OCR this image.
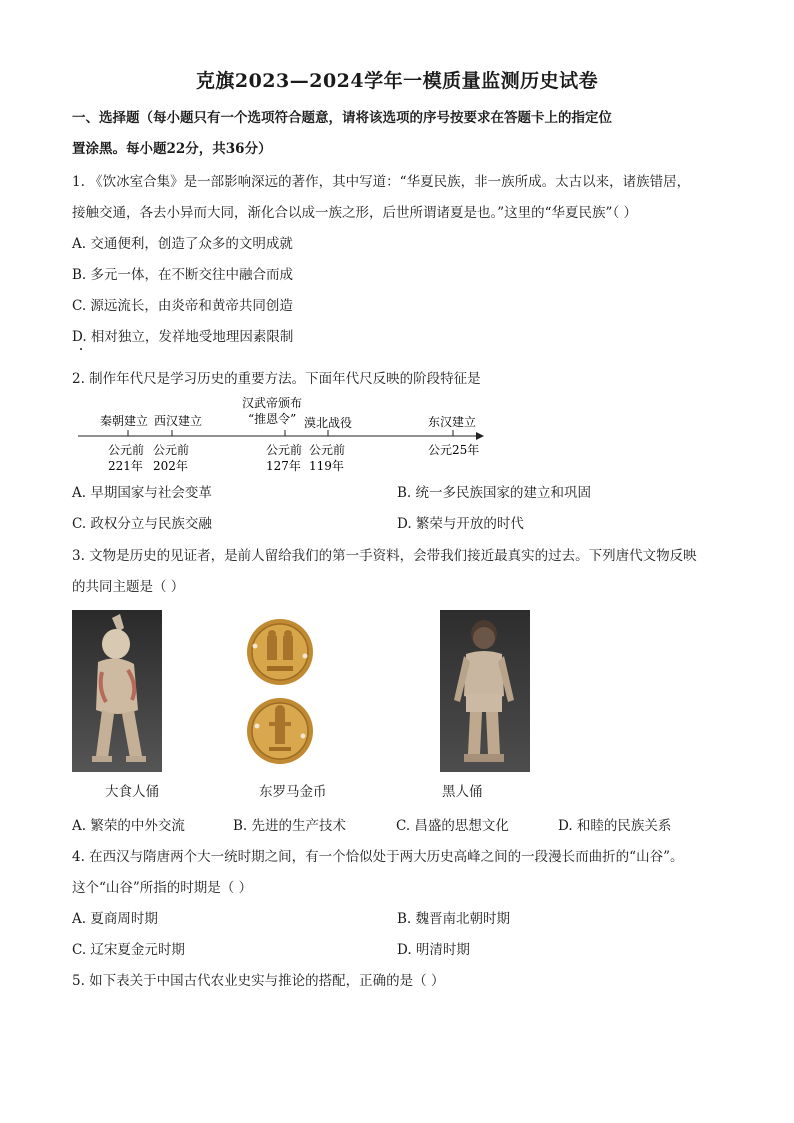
克旗2023—2024学年一模质量监测历史试卷
一、选择题（每小题只有一个选项符合题意，请将该选项的序号按要求在答题卡上的指定位
置涂黑。每小题22分，共36分）
1. 《饮冰室合集》是一部影响深远的著作，其中写道：“华夏民族，非一族所成。太古以来，诸族错居，
接触交通，各去小异而大同，渐化合以成一族之形，后世所谓诸夏是也。”这里的“华夏民族”（ ）
A. 交通便利，创造了众多的文明成就
B. 多元一体，在不断交往中融合而成
C. 源远流长，由炎帝和黄帝共同创造
D. 相对独立，发祥地受地理因素限制
2. 制作年代尺是学习历史的重要方法。下面年代尺反映的阶段特征是
秦朝建立 西汉建立
汉武帝颁布
“推恩令” 漠北战役	东汉建立
公元前
221年
公元前
202年
公元前
127年
公元前
119年
公元25年
A. 早期国家与社会变革	B. 统一多民族国家的建立和巩固
C. 政权分立与民族交融	D. 繁荣与开放的时代
3. 文物是历史的见证者，是前人留给我们的第一手资料，会带我们接近最真实的过去。下列唐代文物反映
的共同主题是（ ）
大食人俑	东罗马金币	黑人俑
A. 繁荣的中外交流	B. 先进的生产技术	C. 昌盛的思想文化	D. 和睦的民族关系
4. 在西汉与隋唐两个大一统时期之间，有一个恰似处于两大历史高峰之间的一段漫长而曲折的“山谷”。
这个“山谷”所指的时期是（ ）
A. 夏商周时期	B. 魏晋南北朝时期
C. 辽宋夏金元时期	D. 明清时期
5. 如下表关于中国古代农业史实与推论的搭配，正确的是（ ）
